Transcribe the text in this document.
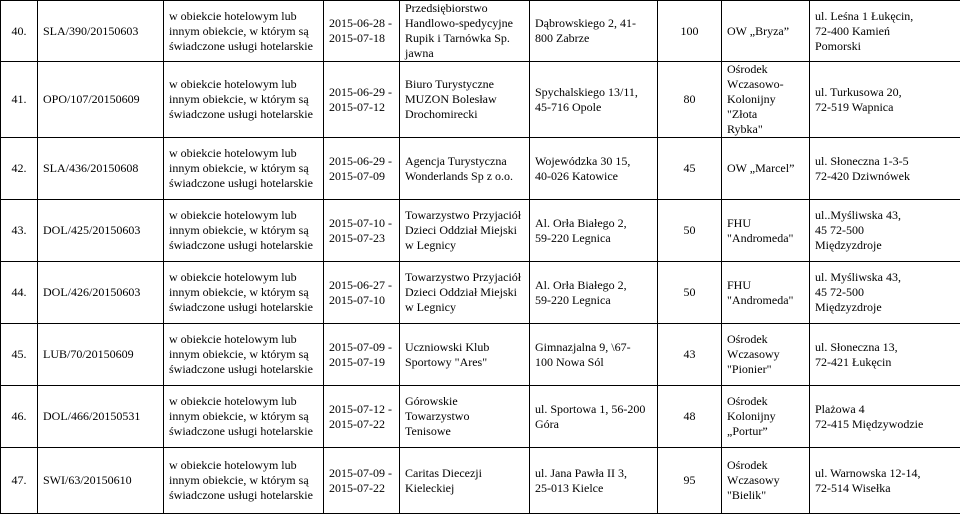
40.	SLA/390/20150603	w obiekcie hotelowym lub
innym obiekcie, w którym są
świadczone usługi hotelarskie	2015-06-28 -
2015-07-18	Przedsiębiorstwo
Handlowo-spedycyjne
Rupik i Tarnówka Sp.
jawna	Dąbrowskiego 2, 41-
800 Zabrze	100	OW „Bryza”	ul. Leśna 1 Łukęcin,
72-400 Kamień
Pomorski

41.	OPO/107/20150609	w obiekcie hotelowym lub
innym obiekcie, w którym są
świadczone usługi hotelarskie	2015-06-29 -
2015-07-12	Biuro Turystyczne
MUZON Bolesław
Drochomirecki	Spychalskiego 13/11,
45-716 Opole	80	Ośrodek
Wczasowo-
Kolonijny "Złota
Rybka"	ul. Turkusowa 20,
72-519 Wapnica

42.	SLA/436/20150608	w obiekcie hotelowym lub
innym obiekcie, w którym są
świadczone usługi hotelarskie	2015-06-29 -
2015-07-09	Agencja Turystyczna
Wonderlands Sp z o.o.	Wojewódzka 30 15,
40-026 Katowice	45	OW „Marcel”	ul. Słoneczna 1-3-5
72-420 Dziwnówek

43.	DOL/425/20150603	w obiekcie hotelowym lub
innym obiekcie, w którym są
świadczone usługi hotelarskie	2015-07-10 -
2015-07-23	Towarzystwo Przyjaciół
Dzieci Oddział Miejski
w Legnicy	Al. Orła Białego 2,
59-220 Legnica	50	FHU
"Andromeda"	ul..Myśliwska 43,
45 72-500
Międzyzdroje

44.	DOL/426/20150603	w obiekcie hotelowym lub
innym obiekcie, w którym są
świadczone usługi hotelarskie	2015-06-27 -
2015-07-10	Towarzystwo Przyjaciół
Dzieci Oddział Miejski
w Legnicy	Al. Orła Białego 2,
59-220 Legnica	50	FHU
"Andromeda"	ul. Myśliwska 43,
45 72-500
Międzyzdroje

45.	LUB/70/20150609	w obiekcie hotelowym lub
innym obiekcie, w którym są
świadczone usługi hotelarskie	2015-07-09 -
2015-07-19	Uczniowski Klub
Sportowy "Ares"	Gimnazjalna 9, \67-
100 Nowa Sól	43	Ośrodek
Wczasowy
"Pionier"	ul. Słoneczna 13,
72-421 Łukęcin

46.	DOL/466/20150531	w obiekcie hotelowym lub
innym obiekcie, w którym są
świadczone usługi hotelarskie	2015-07-12 -
2015-07-22	Górowskie Towarzystwo
Tenisowe	ul. Sportowa 1, 56-200
Góra	48	Ośrodek
Kolonijny
„Portur”	Plażowa 4
72-415 Międzywodzie

47.	SWI/63/20150610	w obiekcie hotelowym lub
innym obiekcie, w którym są
świadczone usługi hotelarskie	2015-07-09 -
2015-07-22	Caritas Diecezji
Kieleckiej	ul. Jana Pawła II 3,
25-013 Kielce	95	Ośrodek
Wczasowy
"Bielik"	ul. Warnowska 12-14,
72-514 Wisełka
